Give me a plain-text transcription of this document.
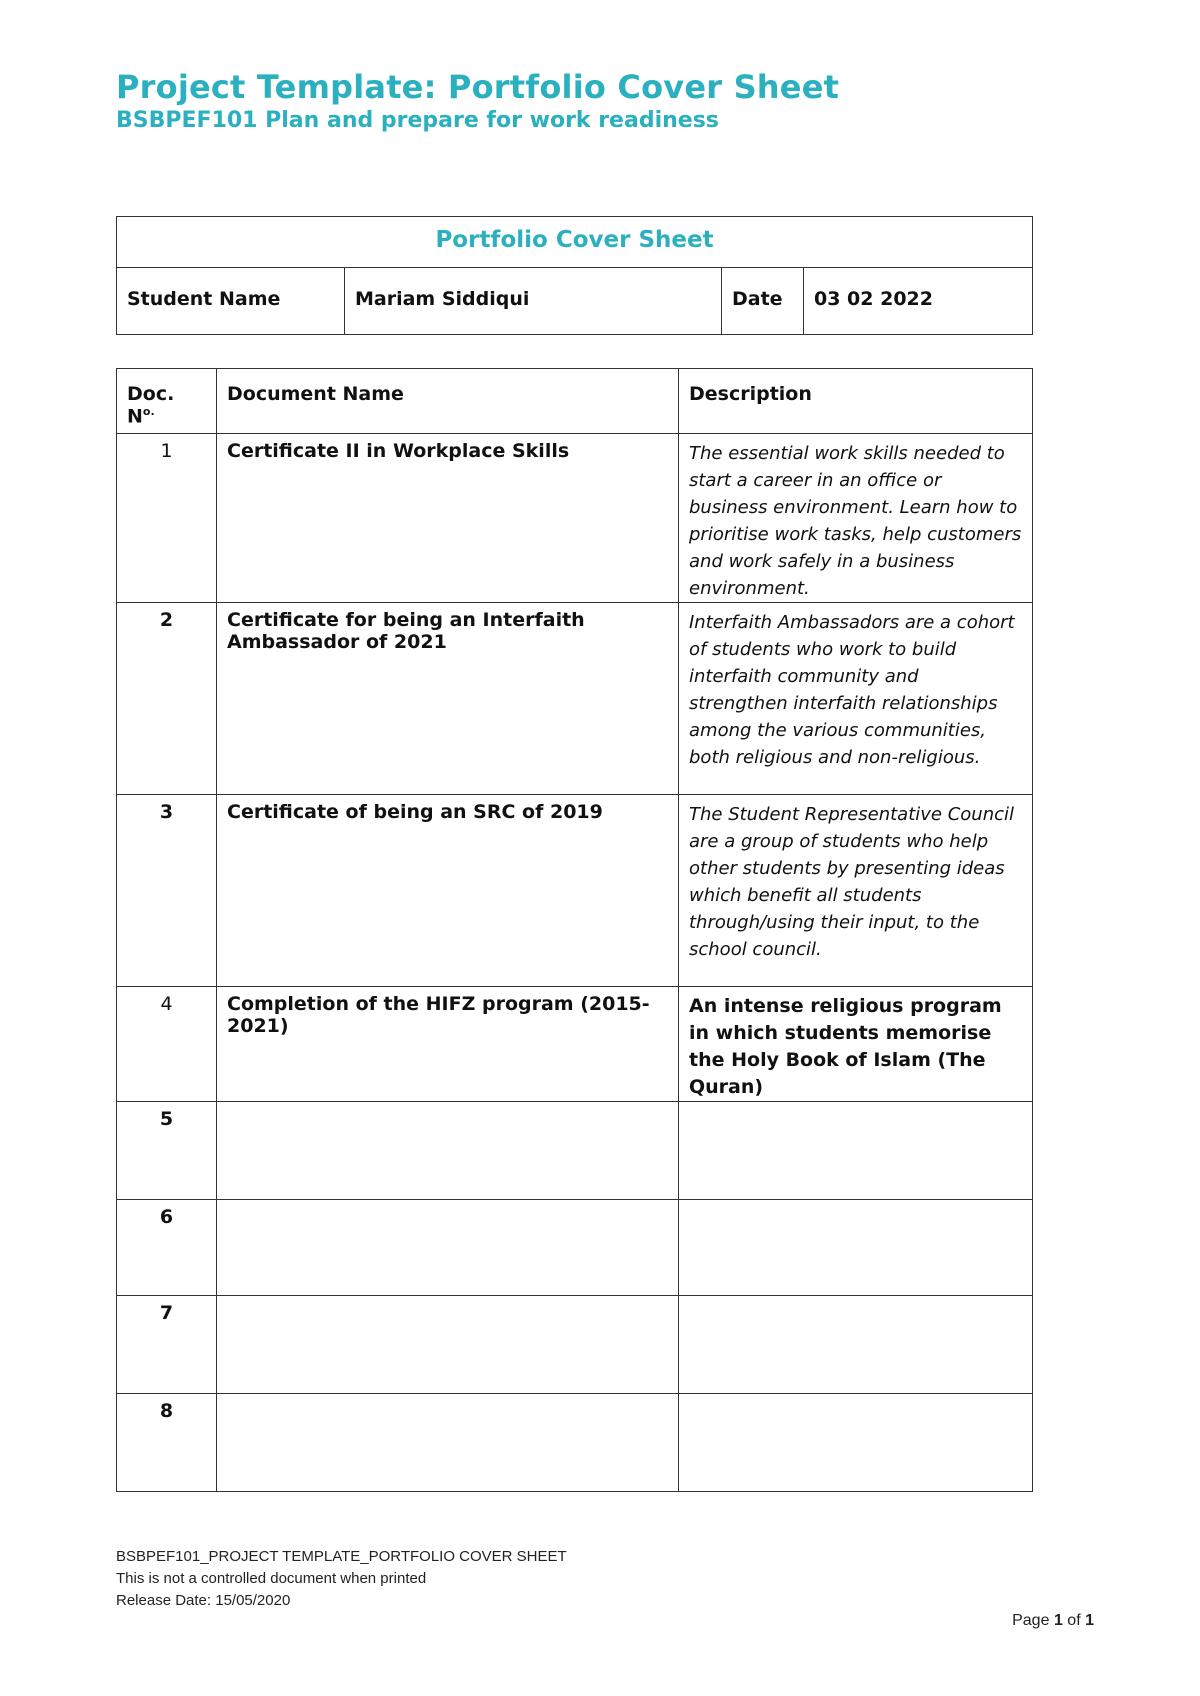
Project Template: Portfolio Cover Sheet
BSBPEF101 Plan and prepare for work readiness
Portfolio Cover Sheet
Student Name	Mariam Siddiqui	Date	03 02 2022
Doc. $N^{o.}$	Document Name	Description
1	Certificate II in Workplace Skills	The essential work skills needed to start a career in an office or business environment. Learn how to prioritise work tasks, help customers and work safely in a business environment.
2	Certificate for being an Interfaith Ambassador of 2021	Interfaith Ambassadors are a cohort of students who work to build interfaith community and strengthen interfaith relationships among the various communities, both religious and non-religious.
3	Certificate of being an SRC of 2019	The Student Representative Council are a group of students who help other students by presenting ideas which benefit all students through/using their input, to the school council.
4	Completion of the HIFZ program (2015-2021)	An intense religious program in which students memorise the Holy Book of Islam (The Quran)
5		
6		
7		
8		
BSBPEF101_PROJECT TEMPLATE_PORTFOLIO COVER SHEET
This is not a controlled document when printed
Release Date: 15/05/2020
Page 1 of 1
